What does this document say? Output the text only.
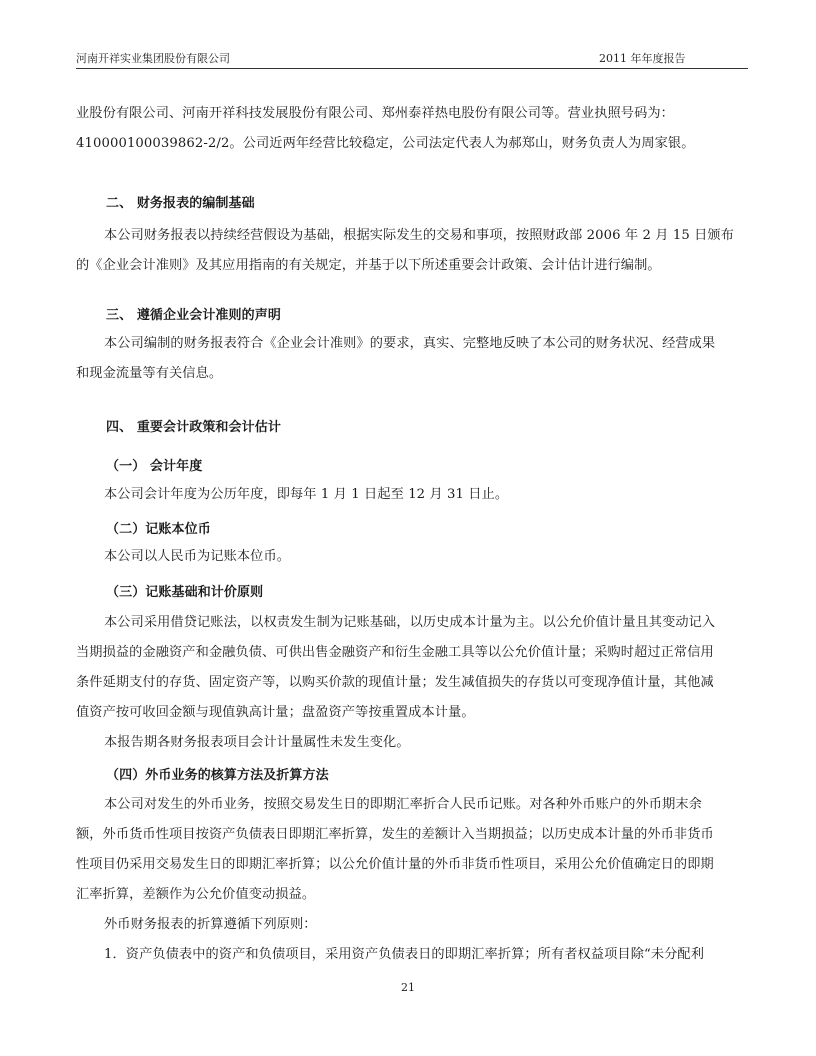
河南开祥实业集团股份有限公司	2011 年年度报告
业股份有限公司、河南开祥科技发展股份有限公司、郑州泰祥热电股份有限公司等。营业执照号码为：
410000100039862-2/2。公司近两年经营比较稳定，公司法定代表人为郝郑山，财务负责人为周家银。
二、 财务报表的编制基础
本公司财务报表以持续经营假设为基础，根据实际发生的交易和事项，按照财政部 2006 年 2 月 15 日颁布
的《企业会计准则》及其应用指南的有关规定，并基于以下所述重要会计政策、会计估计进行编制。
三、 遵循企业会计准则的声明
本公司编制的财务报表符合《企业会计准则》的要求，真实、完整地反映了本公司的财务状况、经营成果
和现金流量等有关信息。
四、 重要会计政策和会计估计
（一） 会计年度
本公司会计年度为公历年度，即每年 1 月 1 日起至 12 月 31 日止。
（二）记账本位币
本公司以人民币为记账本位币。
（三）记账基础和计价原则
本公司采用借贷记账法，以权责发生制为记账基础，以历史成本计量为主。以公允价值计量且其变动记入
当期损益的金融资产和金融负债、可供出售金融资产和衍生金融工具等以公允价值计量；采购时超过正常信用
条件延期支付的存货、固定资产等，以购买价款的现值计量；发生减值损失的存货以可变现净值计量，其他减
值资产按可收回金额与现值孰高计量；盘盈资产等按重置成本计量。
本报告期各财务报表项目会计计量属性未发生变化。
（四）外币业务的核算方法及折算方法
本公司对发生的外币业务，按照交易发生日的即期汇率折合人民币记账。对各种外币账户的外币期末余
额，外币货币性项目按资产负债表日即期汇率折算，发生的差额计入当期损益；以历史成本计量的外币非货币
性项目仍采用交易发生日的即期汇率折算；以公允价值计量的外币非货币性项目，采用公允价值确定日的即期
汇率折算，差额作为公允价值变动损益。
外币财务报表的折算遵循下列原则：
1．资产负债表中的资产和负债项目，采用资产负债表日的即期汇率折算；所有者权益项目除“未分配利
21
